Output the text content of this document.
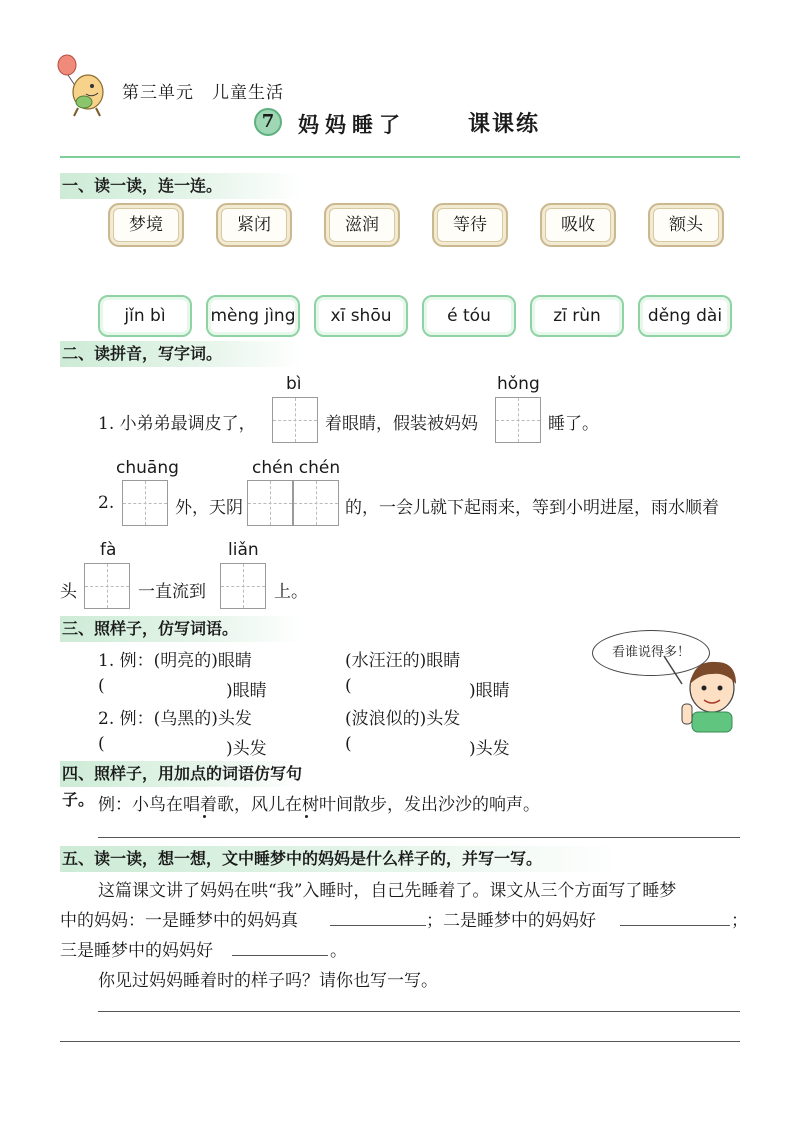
第三单元　儿童生活
7	妈妈睡了	课课练
一、读一读，连一连。
梦境	紧闭	滋润	等待	吸收	额头
jǐn bì	mèng jìng	xī shōu	é tóu	zī rùn	děng dài
二、读拼音，写字词。
1. 小弟弟最调皮了，
bì
着眼睛，假装被妈妈
hǒng
睡了。
2.
chuāng
外，天阴
chén chén
的，一会儿就下起雨来，等到小明进屋，雨水顺着
头
fà
一直流到
liǎn
上。
三、照样子，仿写词语。
1. 例：(明亮的)眼睛	(水汪汪的)眼睛
(	)眼睛	(	)眼睛
2. 例：(乌黑的)头发	(波浪似的)头发
(	)头发	(	)头发
看谁说得多！
四、照样子，用加点的词语仿写句子。 例：小鸟在唱着歌，风儿在树叶间散步，发出沙沙的响声。
五、读一读，想一想，文中睡梦中的妈妈是什么样子的，并写一写。
这篇课文讲了妈妈在哄“我”入睡时，自己先睡着了。课文从三个方面写了睡梦
中的妈妈：一是睡梦中的妈妈真	；二是睡梦中的妈妈好	；
三是睡梦中的妈妈好	。
你见过妈妈睡着时的样子吗？请你也写一写。
